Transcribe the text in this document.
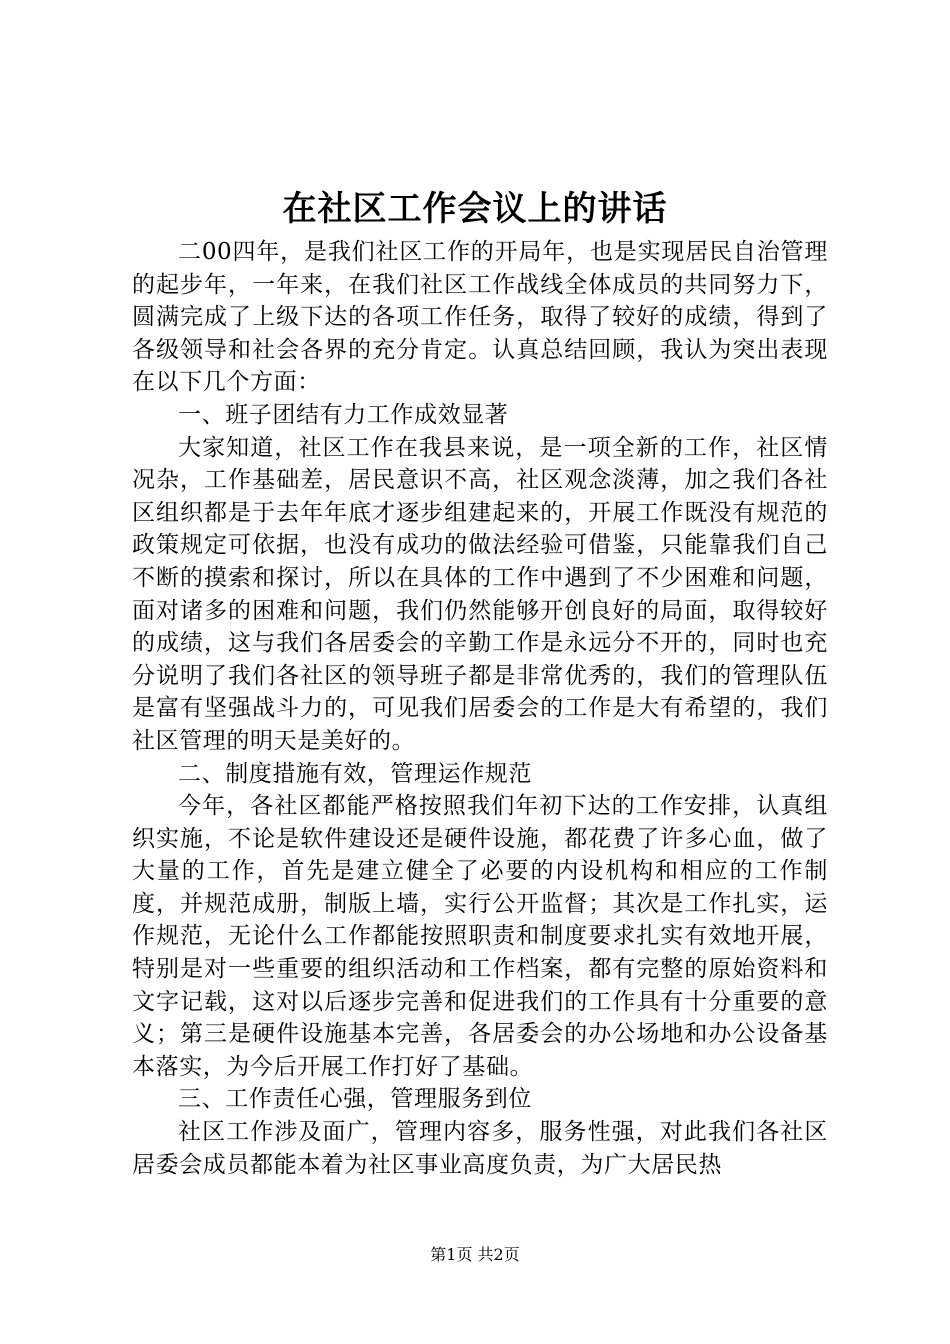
在社区工作会议上的讲话

二00四年，是我们社区工作的开局年，也是实现居民自治管理的起步年，一年来，在我们社区工作战线全体成员的共同努力下，圆满完成了上级下达的各项工作任务，取得了较好的成绩，得到了各级领导和社会各界的充分肯定。认真总结回顾，我认为突出表现在以下几个方面：

一、班子团结有力工作成效显著

大家知道，社区工作在我县来说，是一项全新的工作，社区情况杂，工作基础差，居民意识不高，社区观念淡薄，加之我们各社区组织都是于去年年底才逐步组建起来的，开展工作既没有规范的政策规定可依据，也没有成功的做法经验可借鉴，只能靠我们自己不断的摸索和探讨，所以在具体的工作中遇到了不少困难和问题，面对诸多的困难和问题，我们仍然能够开创良好的局面，取得较好的成绩，这与我们各居委会的辛勤工作是永远分不开的，同时也充分说明了我们各社区的领导班子都是非常优秀的，我们的管理队伍是富有坚强战斗力的，可见我们居委会的工作是大有希望的，我们社区管理的明天是美好的。

二、制度措施有效，管理运作规范

今年，各社区都能严格按照我们年初下达的工作安排，认真组织实施，不论是软件建设还是硬件设施，都花费了许多心血，做了大量的工作，首先是建立健全了必要的内设机构和相应的工作制度，并规范成册，制版上墙，实行公开监督；其次是工作扎实，运作规范，无论什么工作都能按照职责和制度要求扎实有效地开展，特别是对一些重要的组织活动和工作档案，都有完整的原始资料和文字记载，这对以后逐步完善和促进我们的工作具有十分重要的意义；第三是硬件设施基本完善，各居委会的办公场地和办公设备基本落实，为今后开展工作打好了基础。

三、工作责任心强，管理服务到位

社区工作涉及面广，管理内容多，服务性强，对此我们各社区居委会成员都能本着为社区事业高度负责，为广大居民热

第1页 共2页
